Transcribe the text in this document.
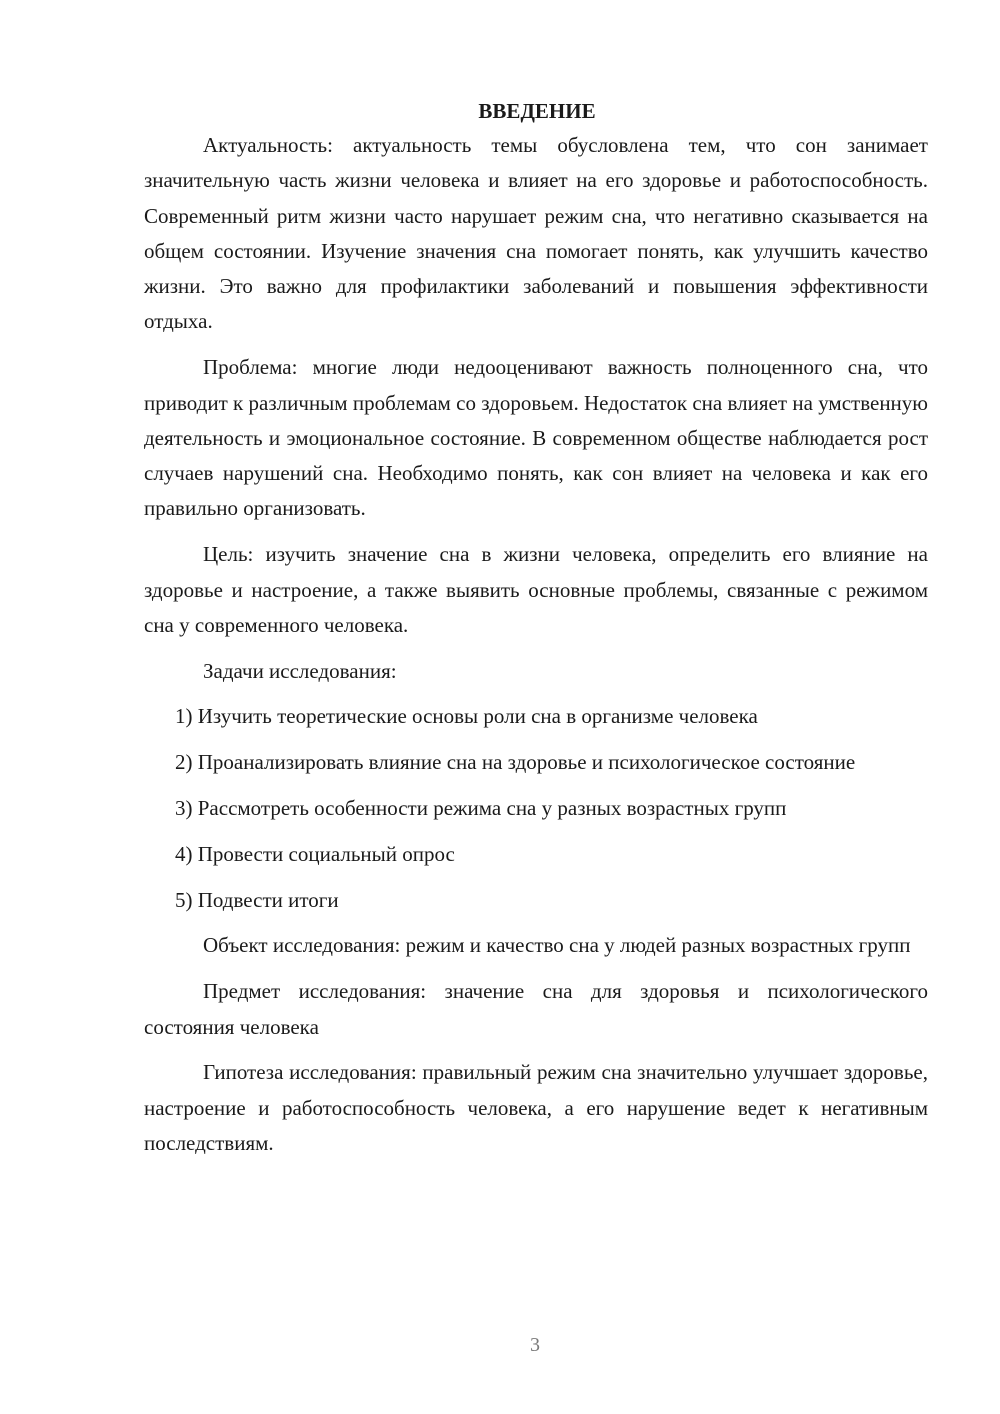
ВВЕДЕНИЕ

Актуальность: актуальность темы обусловлена тем, что сон занимает значительную часть жизни человека и влияет на его здоровье и работоспособность. Современный ритм жизни часто нарушает режим сна, что негативно сказывается на общем состоянии. Изучение значения сна помогает понять, как улучшить качество жизни. Это важно для профилактики заболеваний и повышения эффективности отдыха.

Проблема: многие люди недооценивают важность полноценного сна, что приводит к различным проблемам со здоровьем. Недостаток сна влияет на умственную деятельность и эмоциональное состояние. В современном обществе наблюдается рост случаев нарушений сна. Необходимо понять, как сон влияет на человека и как его правильно организовать.

Цель: изучить значение сна в жизни человека, определить его влияние на здоровье и настроение, а также выявить основные проблемы, связанные с режимом сна у современного человека.

Задачи исследования:

1) Изучить теоретические основы роли сна в организме человека

2) Проанализировать влияние сна на здоровье и психологическое состояние

3) Рассмотреть особенности режима сна у разных возрастных групп

4) Провести социальный опрос

5) Подвести итоги

Объект исследования: режим и качество сна у людей разных возрастных групп

Предмет исследования: значение сна для здоровья и психологического состояния человека

Гипотеза исследования: правильный режим сна значительно улучшает здоровье, настроение и работоспособность человека, а его нарушение ведет к негативным последствиям.

3
